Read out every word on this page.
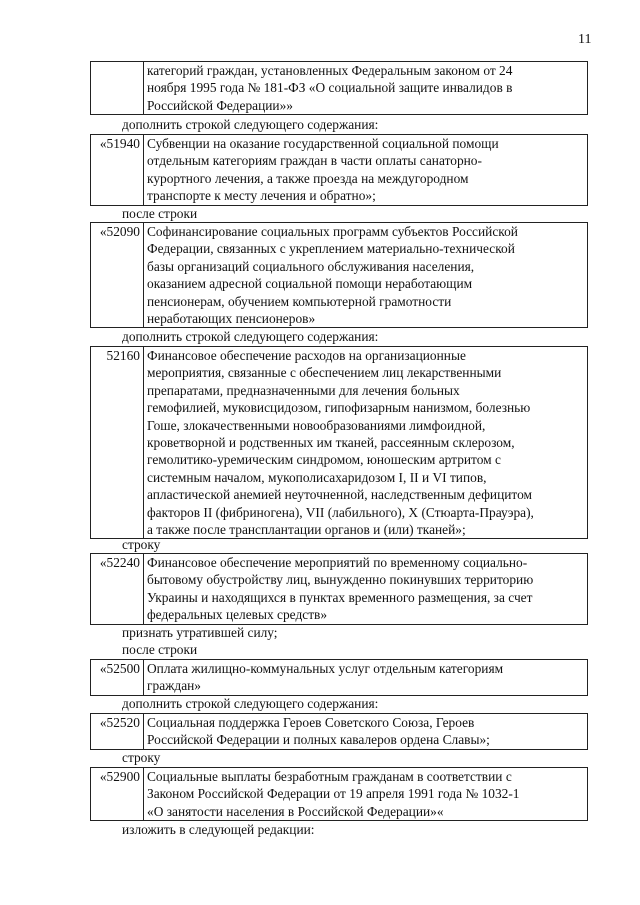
11
категорий граждан, установленных Федеральным законом от 24
ноября 1995 года № 181-ФЗ «О социальной защите инвалидов в
Российской Федерации»»
дополнить строкой следующего содержания:
«51940 Субвенции на оказание государственной социальной помощи
отдельным категориям граждан в части оплаты санаторно-
курортного лечения, а также проезда на междугородном
транспорте к месту лечения и обратно»;
после строки
«52090 Софинансирование социальных программ субъектов Российской
Федерации, связанных с укреплением материально-технической
базы организаций социального обслуживания населения,
оказанием адресной социальной помощи неработающим
пенсионерам, обучением компьютерной грамотности
неработающих пенсионеров»
дополнить строкой следующего содержания:
52160 Финансовое обеспечение расходов на организационные
мероприятия, связанные с обеспечением лиц лекарственными
препаратами, предназначенными для лечения больных
гемофилией, муковисцидозом, гипофизарным нанизмом, болезнью
Гоше, злокачественными новообразованиями лимфоидной,
кроветворной и родственных им тканей, рассеянным склерозом,
гемолитико-уремическим синдромом, юношеским артритом с
системным началом, мукополисахаридозом I, II и VI типов,
апластической анемией неуточненной, наследственным дефицитом
факторов II (фибриногена), VII (лабильного), X (Стюарта-Прауэра),
а также после трансплантации органов и (или) тканей»;
строку
«52240 Финансовое обеспечение мероприятий по временному социально-
бытовому обустройству лиц, вынужденно покинувших территорию
Украины и находящихся в пунктах временного размещения, за счет
федеральных целевых средств»
признать утратившей силу;
после строки
«52500 Оплата жилищно-коммунальных услуг отдельным категориям
граждан»
дополнить строкой следующего содержания:
«52520 Социальная поддержка Героев Советского Союза, Героев
Российской Федерации и полных кавалеров ордена Славы»;
строку
«52900 Социальные выплаты безработным гражданам в соответствии с
Законом Российской Федерации от 19 апреля 1991 года № 1032-1
«О занятости населения в Российской Федерации»«
изложить в следующей редакции:
